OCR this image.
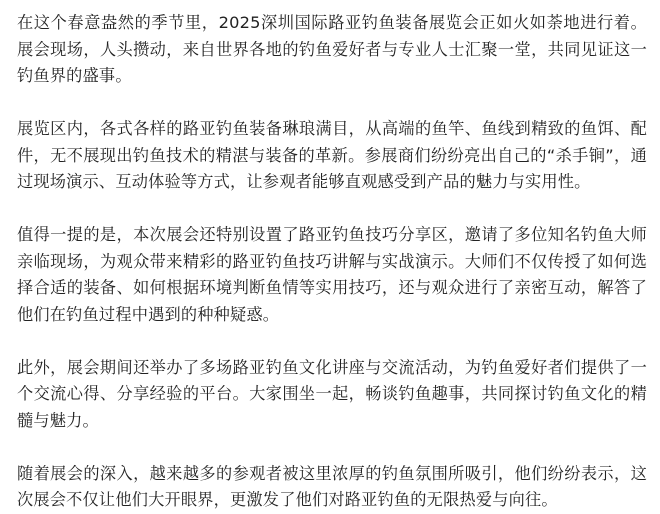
在这个春意盎然的季节里，2025深圳国际路亚钓鱼装备展览会正如火如荼地进行着。展会现场，人头攒动，来自世界各地的钓鱼爱好者与专业人士汇聚一堂，共同见证这一钓鱼界的盛事。

展览区内，各式各样的路亚钓鱼装备琳琅满目，从高端的鱼竿、鱼线到精致的鱼饵、配件，无不展现出钓鱼技术的精湛与装备的革新。参展商们纷纷亮出自己的“杀手锏”，通过现场演示、互动体验等方式，让参观者能够直观感受到产品的魅力与实用性。

值得一提的是，本次展会还特别设置了路亚钓鱼技巧分享区，邀请了多位知名钓鱼大师亲临现场，为观众带来精彩的路亚钓鱼技巧讲解与实战演示。大师们不仅传授了如何选择合适的装备、如何根据环境判断鱼情等实用技巧，还与观众进行了亲密互动，解答了他们在钓鱼过程中遇到的种种疑惑。

此外，展会期间还举办了多场路亚钓鱼文化讲座与交流活动，为钓鱼爱好者们提供了一个交流心得、分享经验的平台。大家围坐一起，畅谈钓鱼趣事，共同探讨钓鱼文化的精髓与魅力。

随着展会的深入，越来越多的参观者被这里浓厚的钓鱼氛围所吸引，他们纷纷表示，这次展会不仅让他们大开眼界，更激发了他们对路亚钓鱼的无限热爱与向往。
